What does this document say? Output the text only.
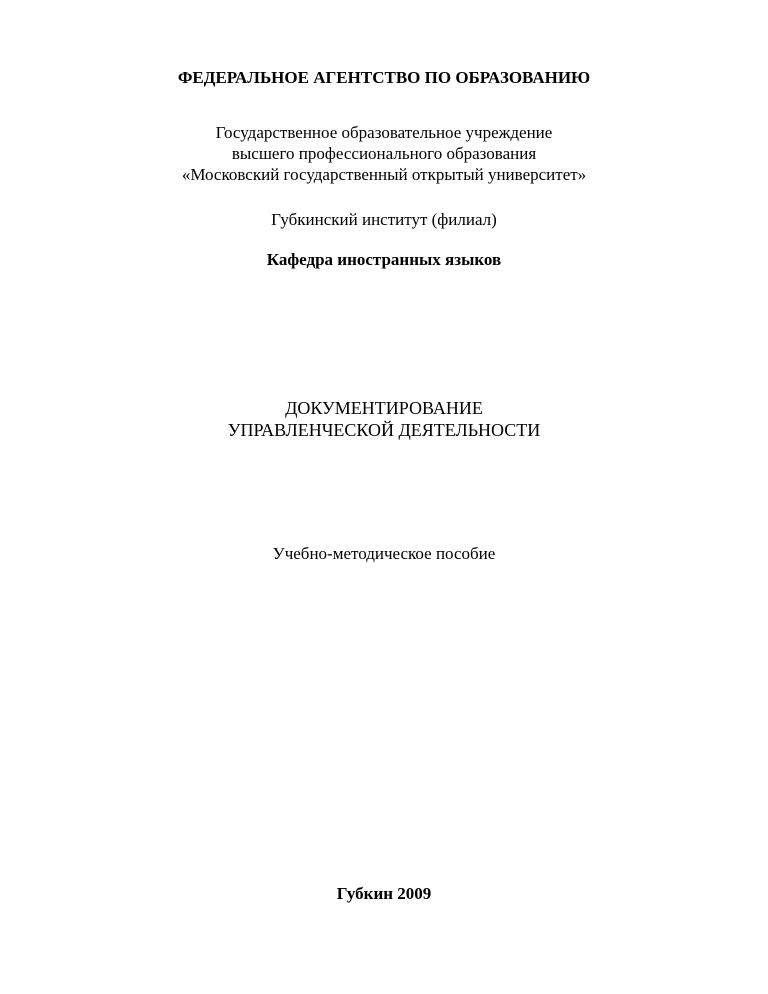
ФЕДЕРАЛЬНОЕ АГЕНТСТВО ПО ОБРАЗОВАНИЮ
Государственное образовательное учреждение
высшего профессионального образования
«Московский государственный открытый университет»
Губкинский институт (филиал)
Кафедра иностранных языков
ДОКУМЕНТИРОВАНИЕ
УПРАВЛЕНЧЕСКОЙ ДЕЯТЕЛЬНОСТИ
Учебно-методическое пособие
Губкин 2009
